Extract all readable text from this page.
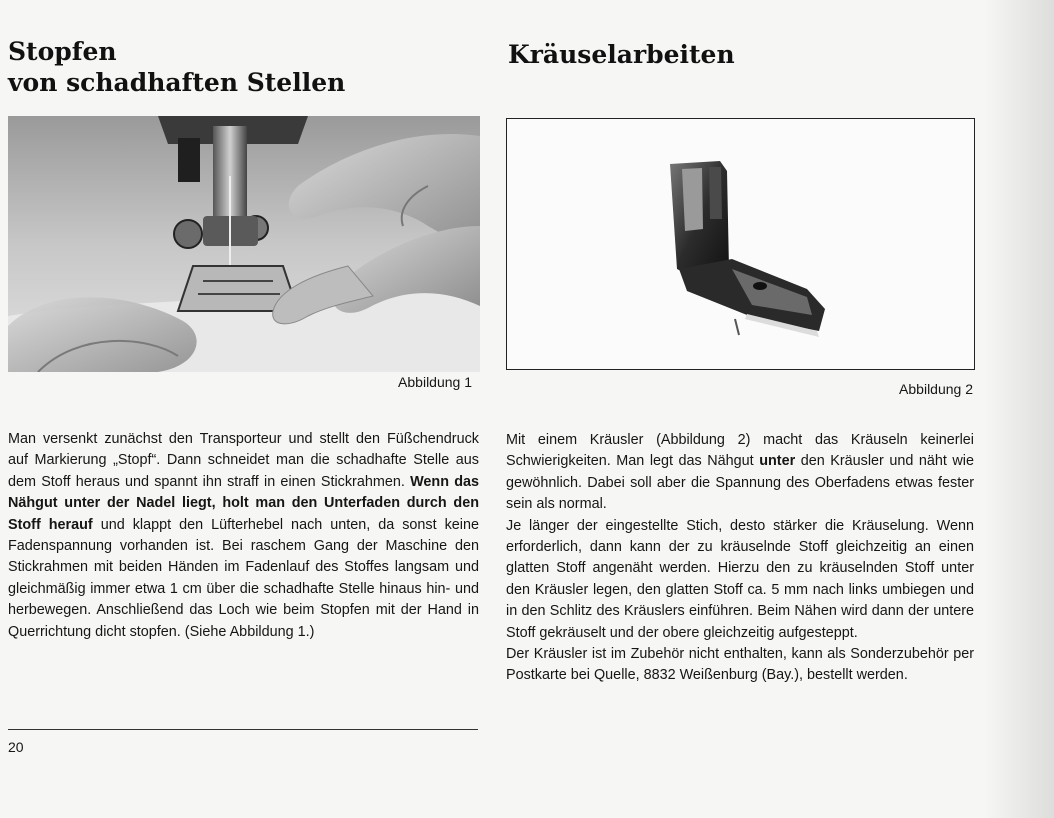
Stopfen
von schadhaften Stellen

Abbildung 1

Man versenkt zunächst den Transporteur und stellt den Füßchendruck auf Markierung „Stopf“. Dann schneidet man die schadhafte Stelle aus dem Stoff heraus und spannt ihn straff in einen Stickrahmen. Wenn das Nähgut unter der Nadel liegt, holt man den Unterfaden durch den Stoff herauf und klappt den Lüfterhebel nach unten, da sonst keine Fadenspannung vorhanden ist. Bei raschem Gang der Maschine den Stickrahmen mit beiden Händen im Fadenlauf des Stoffes langsam und gleichmäßig immer etwa 1 cm über die schadhafte Stelle hinaus hin- und herbewegen. Anschließend das Loch wie beim Stopfen mit der Hand in Querrichtung dicht stopfen. (Siehe Abbildung 1.)

20

Kräuselarbeiten

Abbildung 2

Mit einem Kräusler (Abbildung 2) macht das Kräuseln keinerlei Schwierigkeiten. Man legt das Nähgut unter den Kräusler und näht wie gewöhnlich. Dabei soll aber die Spannung des Oberfadens etwas fester sein als normal.

Je länger der eingestellte Stich, desto stärker die Kräuselung. Wenn erforderlich, dann kann der zu kräuselnde Stoff gleichzeitig an einen glatten Stoff angenäht werden. Hierzu den zu kräuselnden Stoff unter den Kräusler legen, den glatten Stoff ca. 5 mm nach links umbiegen und in den Schlitz des Kräuslers einführen. Beim Nähen wird dann der untere Stoff gekräuselt und der obere gleichzeitig aufgesteppt.

Der Kräusler ist im Zubehör nicht enthalten, kann als Sonderzubehör per Postkarte bei Quelle, 8832 Weißenburg (Bay.), bestellt werden.
